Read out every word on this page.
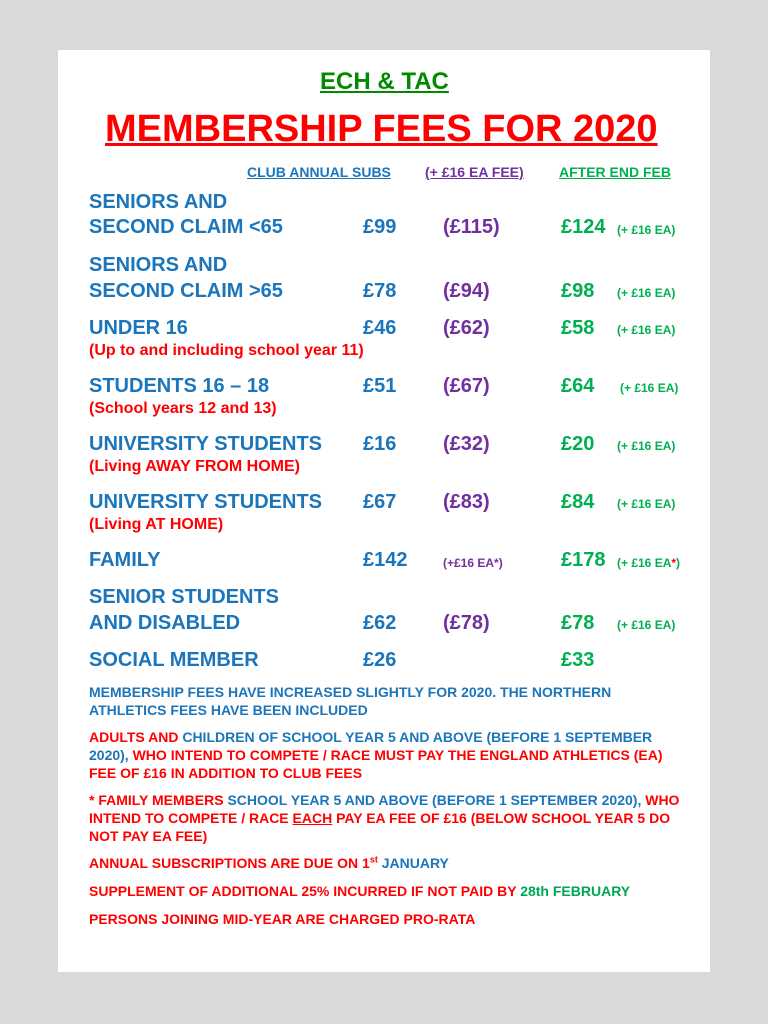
ECH & TAC
MEMBERSHIP FEES FOR 2020
CLUB ANNUAL SUBS (+ £16 EA FEE)	AFTER END FEB
SENIORS AND
SECOND CLAIM <65	£99 (£115)	£124 (+ £16 EA)
SENIORS AND
SECOND CLAIM >65	£78 (£94)	£98 (+ £16 EA)
UNDER 16	£46 (£62)	£58 (+ £16 EA)
(Up to and including school year 11)
STUDENTS 16 – 18	£51 (£67)	£64 (+ £16 EA)
(School years 12 and 13)
UNIVERSITY STUDENTS £16 (£32)	£20 (+ £16 EA)
(Living AWAY FROM HOME)
UNIVERSITY STUDENTS £67 (£83)	£84 (+ £16 EA)
(Living AT HOME)
FAMILY	£142	(+£16 EA*)	£178 (+ £16 EA*)
SENIOR STUDENTS
AND DISABLED	£62 (£78)	£78 (+ £16 EA)
SOCIAL MEMBER	£26	£33
MEMBERSHIP FEES HAVE INCREASED SLIGHTLY FOR 2020. THE NORTHERN ATHLETICS FEES HAVE BEEN INCLUDED
ADULTS AND CHILDREN OF SCHOOL YEAR 5 AND ABOVE (BEFORE 1 SEPTEMBER 2020), WHO INTEND TO COMPETE / RACE MUST PAY THE ENGLAND ATHLETICS (EA) FEE OF £16 IN ADDITION TO CLUB FEES
* FAMILY MEMBERS SCHOOL YEAR 5 AND ABOVE (BEFORE 1 SEPTEMBER 2020), WHO INTEND TO COMPETE / RACE EACH PAY EA FEE OF £16 (BELOW SCHOOL YEAR 5 DO NOT PAY EA FEE)
ANNUAL SUBSCRIPTIONS ARE DUE ON 1st JANUARY
SUPPLEMENT OF ADDITIONAL 25% INCURRED IF NOT PAID BY 28th FEBRUARY
PERSONS JOINING MID-YEAR ARE CHARGED PRO-RATA
